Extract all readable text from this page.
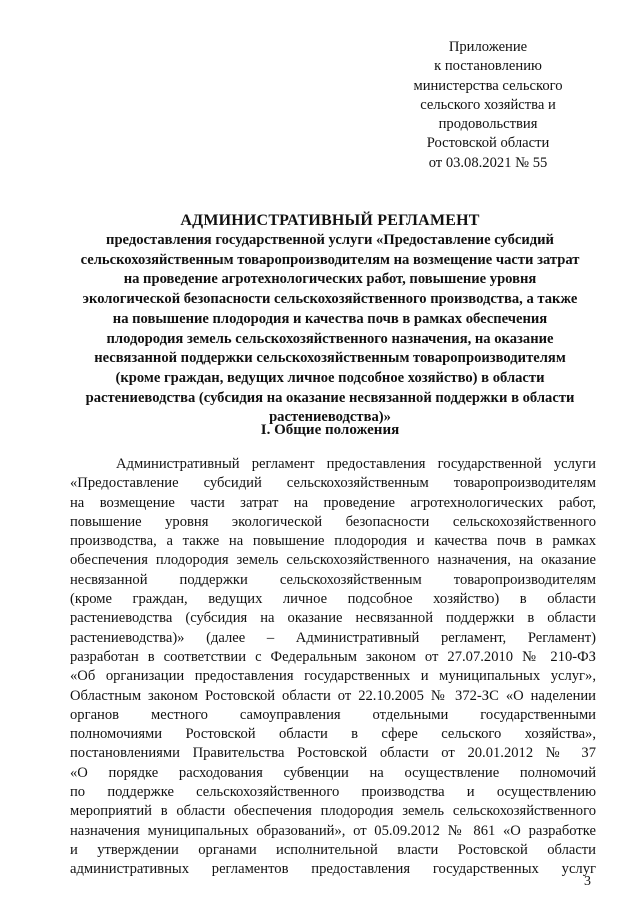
Приложение
к постановлению
министерства сельского
сельского хозяйства и
продовольствия
Ростовской области
от 03.08.2021 № 55
АДМИНИСТРАТИВНЫЙ РЕГЛАМЕНТ
предоставления государственной услуги «Предоставление субсидий
сельскохозяйственным товаропроизводителям на возмещение части затрат
на проведение агротехнологических работ, повышение уровня
экологической безопасности сельскохозяйственного производства, а также
на повышение плодородия и качества почв в рамках обеспечения
плодородия земель сельскохозяйственного назначения, на оказание
несвязанной поддержки сельскохозяйственным товаропроизводителям
(кроме граждан, ведущих личное подсобное хозяйство) в области
растениеводства (субсидия на оказание несвязанной поддержки в области
растениеводства)»
I. Общие положения
Административный регламент предоставления государственной услуги
«Предоставление субсидий сельскохозяйственным товаропроизводителям
на возмещение части затрат на проведение агротехнологических работ,
повышение уровня экологической безопасности сельскохозяйственного
производства, а также на повышение плодородия и качества почв в рамках
обеспечения плодородия земель сельскохозяйственного назначения, на оказание
несвязанной поддержки сельскохозяйственным товаропроизводителям
(кроме граждан, ведущих личное подсобное хозяйство) в области
растениеводства (субсидия на оказание несвязанной поддержки в области
растениеводства)» (далее – Административный регламент, Регламент)
разработан в соответствии с Федеральным законом от 27.07.2010 № 210-ФЗ
«Об организации предоставления государственных и муниципальных услуг»,
Областным законом Ростовской области от 22.10.2005 № 372-ЗС «О наделении
органов местного самоуправления отдельными государственными
полномочиями Ростовской области в сфере сельского хозяйства»,
постановлениями Правительства Ростовской области от 20.01.2012 № 37
«О порядке расходования субвенции на осуществление полномочий
по поддержке сельскохозяйственного производства и осуществлению
мероприятий в области обеспечения плодородия земель сельскохозяйственного
назначения муниципальных образований», от 05.09.2012 № 861 «О разработке
и утверждении органами исполнительной власти Ростовской области
административных регламентов предоставления государственных услуг
3
